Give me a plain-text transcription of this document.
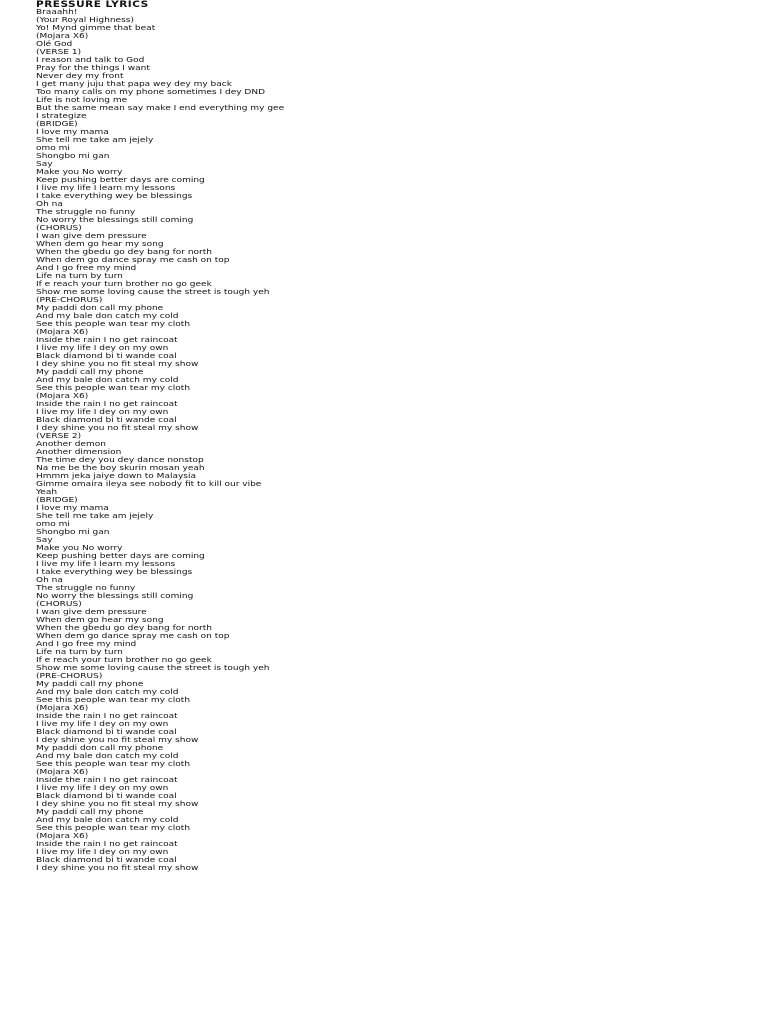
PRESSURE LYRICS
Braaahh!
(Your Royal Highness)
Yo! Mynd gimme that beat
(Mojara X6)
Olé God
(VERSE 1)
I reason and talk to God
Pray for the things I want
Never dey my front
I get many juju that papa wey dey my back
Too many calls on my phone sometimes I dey DND
Life is not loving me
But the same mean say make I end everything my gee
I strategize
(BRIDGE)
I love my mama
She tell me take am jejely
omo mi
Shongbo mi gan
Say
Make you No worry
Keep pushing better days are coming
I live my life I learn my lessons
I take everything wey be blessings
Oh na
The struggle no funny
No worry the blessings still coming
(CHORUS)
I wan give dem pressure
When dem go hear my song
When the gbedu go dey bang for north
When dem go dance spray me cash on top
And I go free my mind
Life na turn by turn
If e reach your turn brother no go geek
Show me some loving cause the street is tough yeh
(PRE-CHORUS)
My paddi don call my phone
And my bale don catch my cold
See this people wan tear my cloth
(Mojara X6)
Inside the rain I no get raincoat
I live my life I dey on my own
Black diamond bi ti wande coal
I dey shine you no fit steal my show
My paddi call my phone
And my bale don catch my cold
See this people wan tear my cloth
(Mojara X6)
Inside the rain I no get raincoat
I live my life I dey on my own
Black diamond bi ti wande coal
I dey shine you no fit steal my show
(VERSE 2)
Another demon
Another dimension
The time dey you dey dance nonstop
Na me be the boy skurin mosan yeah
Hmmm jeka jaiye down to Malaysia
Gimme omaira ileya see nobody fit to kill our vibe
Yeah
(BRIDGE)
I love my mama
She tell me take am jejely
omo mi
Shongbo mi gan
Say
Make you No worry
Keep pushing better days are coming
I live my life I learn my lessons
I take everything wey be blessings
Oh na
The struggle no funny
No worry the blessings still coming
(CHORUS)
I wan give dem pressure
When dem go hear my song
When the gbedu go dey bang for north
When dem go dance spray me cash on top
And I go free my mind
Life na turn by turn
If e reach your turn brother no go geek
Show me some loving cause the street is tough yeh
(PRE-CHORUS)
My paddi call my phone
And my bale don catch my cold
See this people wan tear my cloth
(Mojara X6)
Inside the rain I no get raincoat
I live my life I dey on my own
Black diamond bi ti wande coal
I dey shine you no fit steal my show
My paddi don call my phone
And my bale don catch my cold
See this people wan tear my cloth
(Mojara X6)
Inside the rain I no get raincoat
I live my life I dey on my own
Black diamond bi ti wande coal
I dey shine you no fit steal my show
My paddi call my phone
And my bale don catch my cold
See this people wan tear my cloth
(Mojara X6)
Inside the rain I no get raincoat
I live my life I dey on my own
Black diamond bi ti wande coal
I dey shine you no fit steal my show
